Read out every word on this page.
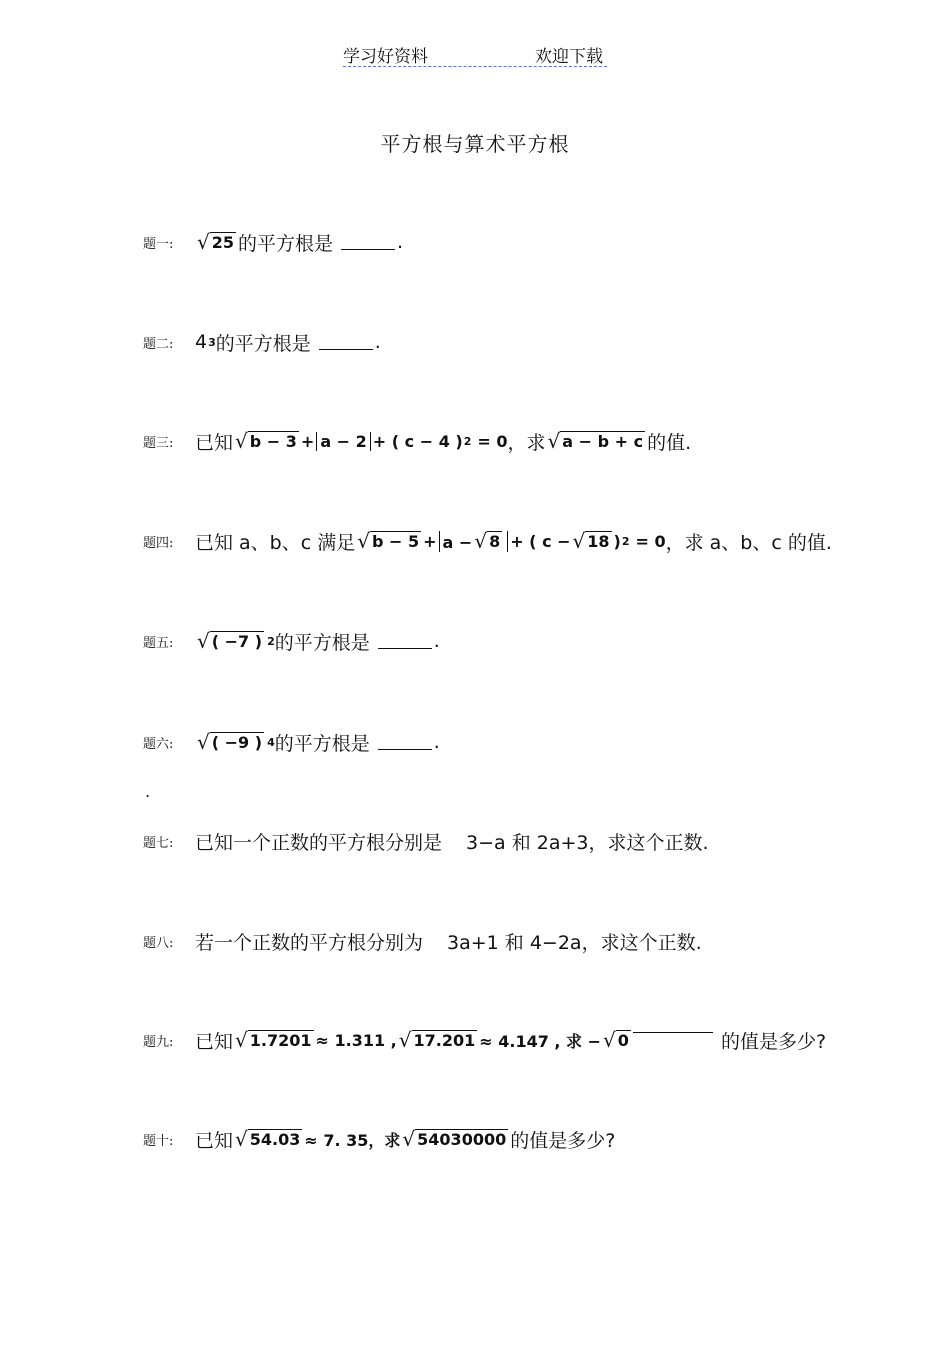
学习好资料	欢迎下载
平方根与算术平方根
题一:	√ 25 的平方根是	.
题二:	4 3 的平方根是	.
题三:	已知 √ b − 3 + a − 2 + ( c − 4 ) 2 = 0 ，求 √ a − b + c 的值.
题四:	已知 a、b、c 满足 √ b − 5 + a − √ 8 + ( c − √ 18 ) 2 = 0 ，求 a、b、c 的值.
题五:	√ ( −7 ) 2 的平方根是	.
题六:	√ ( −9 ) 4 的平方根是	.
.
题七:	已知一个正数的平方根分别是 3−a 和 2a+3，求这个正数.
题八:	若一个正数的平方根分别为 3a+1 和 4−2a，求这个正数.
题九:	已知 √ 1.7201 ≈ 1.311 , √ 17.201 ≈ 4.147 , 求 − √ 0	的值是多少?
题十:	已知 √ 54.03 ≈ 7. 35，求 √ 54030000 的值是多少?
